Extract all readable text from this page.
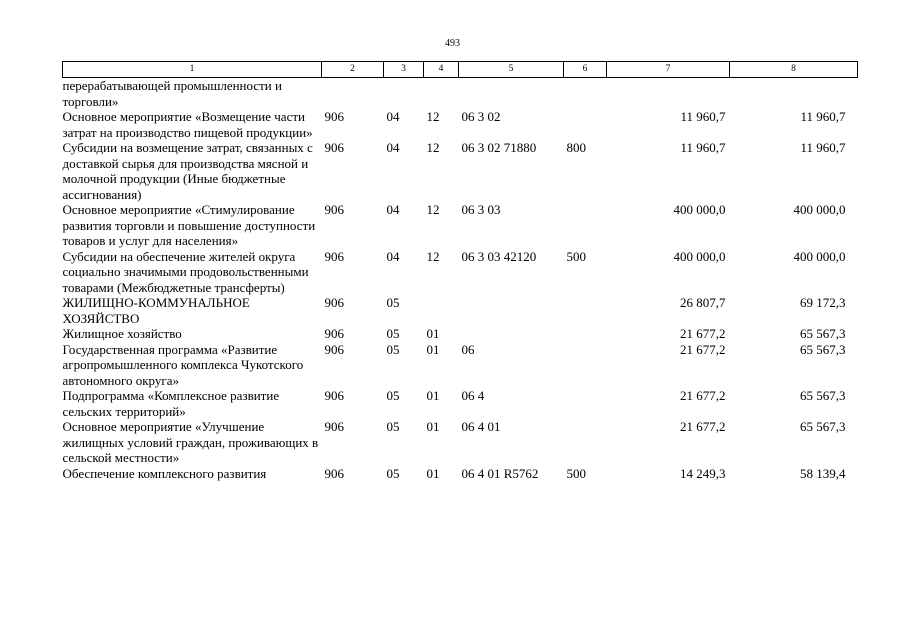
493
1	2	3	4	5	6	7	8
перерабатывающей промышленности и торговли»							
Основное мероприятие «Возмещение части затрат на производство пищевой продукции»	906	04	12	06 3 02		11 960,7	11 960,7
Субсидии на возмещение затрат, связанных с доставкой сырья для производства мясной и молочной продукции (Иные бюджетные ассигнования)	906	04	12	06 3 02 71880	800	11 960,7	11 960,7
Основное мероприятие «Стимулирование развития торговли и повышение доступности товаров и услуг для населения»	906	04	12	06 3 03		400 000,0	400 000,0
Субсидии на обеспечение жителей округа социально значимыми продовольственными товарами (Межбюджетные трансферты)	906	04	12	06 3 03 42120	500	400 000,0	400 000,0
ЖИЛИЩНО-КОММУНАЛЬНОЕ ХОЗЯЙСТВО	906	05				26 807,7	69 172,3
Жилищное хозяйство	906	05	01			21 677,2	65 567,3
Государственная программа «Развитие агропромышленного комплекса Чукотского автономного округа»	906	05	01	06		21 677,2	65 567,3
Подпрограмма «Комплексное развитие сельских территорий»	906	05	01	06 4		21 677,2	65 567,3
Основное мероприятие «Улучшение жилищных условий граждан, проживающих в сельской местности»	906	05	01	06 4 01		21 677,2	65 567,3
Обеспечение комплексного развития	906	05	01	06 4 01 R5762	500	14 249,3	58 139,4
